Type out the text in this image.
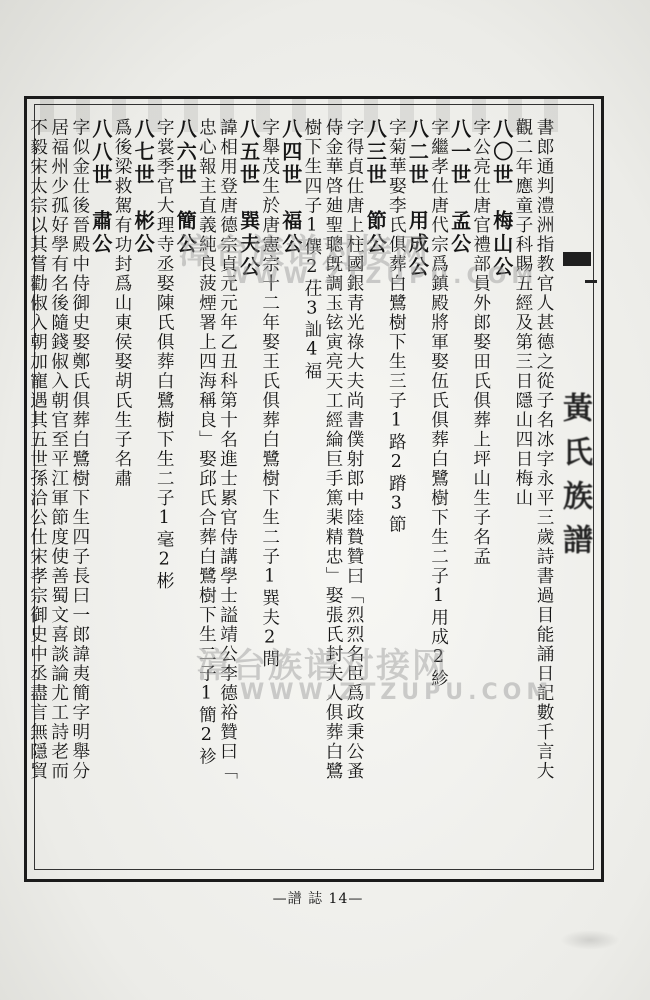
黃氏族譜
書郎通判澧洲指教官人甚德之從子名冰字永平三歲詩書過目能誦日記數千言大
觀二年應童子科賜五經及第三日隱山四日梅山
八〇世　梅山公
字公亮仕唐官禮部員外郎娶田氏俱葬上坪山生子名孟
八一世　孟公
字繼孝仕唐代宗爲鎮殿將軍娶伍氏俱葬白鷺樹下生二子1用成2紾
八二世　用成公
字菊華娶李氏俱葬白鷺樹下生三子1路2蹐3節
八三世　節公
字得貞仕唐上柱國銀青光祿大夫尚書僕射郎中陸贄贊曰「烈烈名臣爲政秉公蚤
侍金華啓廸聖聰旣調玉铉寅亮天工經綸巨手篤棐精忠」娶張氏封夫人俱葬白鷺
樹下生四子1僎2茌3訕4福
八四世　福公
字舉茂生於唐憲宗十二年娶王氏俱葬白鷺樹下生二子1巽夫2間
八五世　巽夫公
諱相用登唐德宗貞元元年乙丑科第十名進士累官侍講學士謚靖公李德裕贊曰「
忠心報主直義純良菠煙署上四海稱良」娶邱氏合葬白鷺樹下生二子1簡2袗
八六世　簡公
字裳季官大理寺丞娶陳氏俱葬白鷺樹下生二子1毫2彬
八七世　彬公
爲後梁救駕有功封爲山東侯娶胡氏生子名肅
八八世　肅公
字似金仕後晉殿中侍御史娶鄭氏俱葬白鷺樹下生四子長曰一郎諱夷簡字明舉分
居福州少孤好學有名後隨錢俶入朝官至平江軍節度使善蜀文喜談論尤工詩老而
不毅宋太宗以其嘗勸俶入朝加寵遇其五世孫洽公仕宋孝宗御史中丞盡言無隱貿	漳台族谱对接网
WWW.ZTZUPU.COM
漳台族谱对接网
WWW.ZTZUPU.COM
—譜 誌 14—
